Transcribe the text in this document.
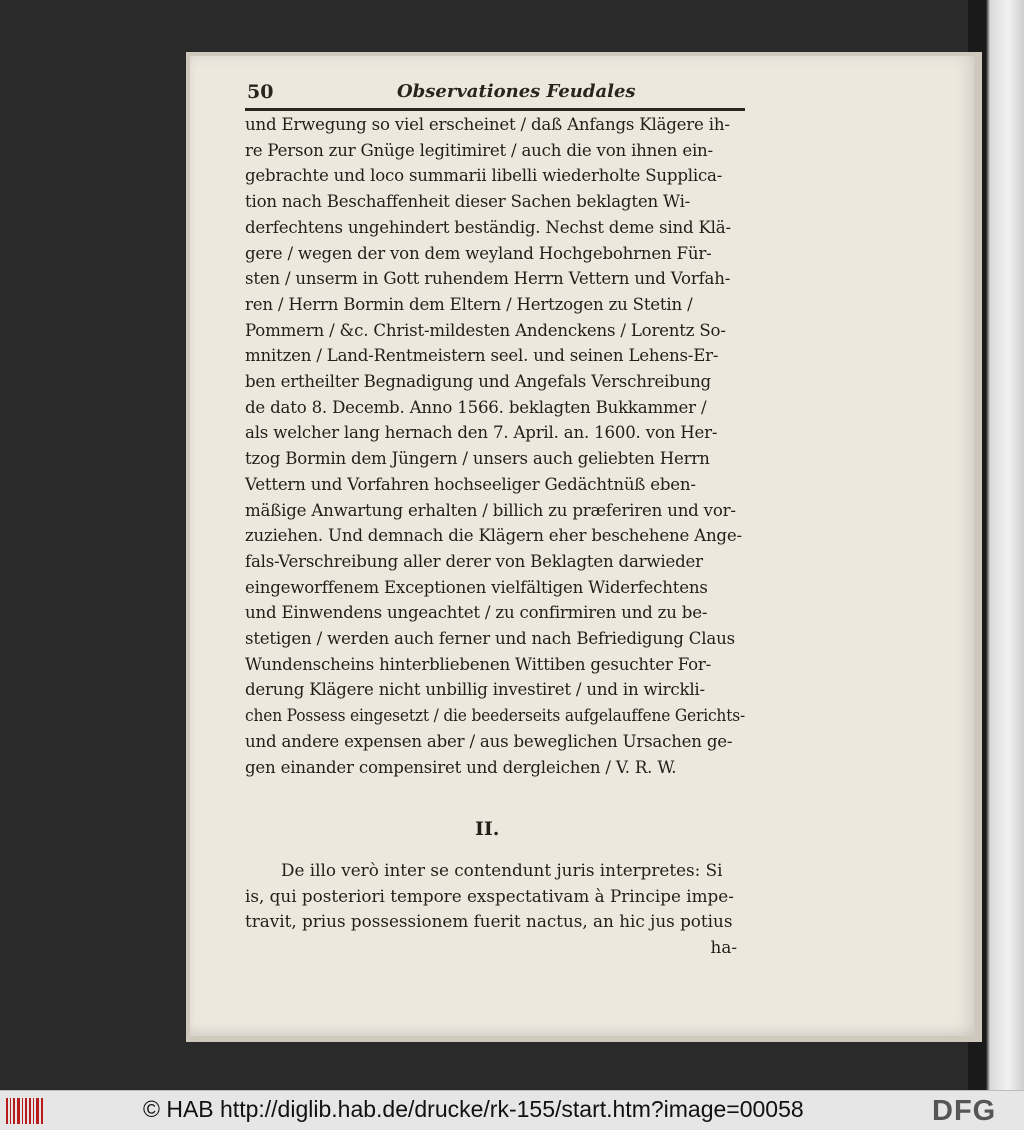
50	Observationes Feudales
und Erwegung so viel erscheinet / daß Anfangs Klägere ih-
re Person zur Gnüge legitimiret / auch die von ihnen ein-
gebrachte und loco summarii libelli wiederholte Supplica-
tion nach Beschaffenheit dieser Sachen beklagten Wi-
derfechtens ungehindert beständig. Nechst deme sind Klä-
gere / wegen der von dem weyland Hochgebohrnen Für-
sten / unserm in Gott ruhendem Herrn Vettern und Vorfah-
ren / Herrn Bormin dem Eltern / Hertzogen zu Stetin /
Pommern / &c. Christ-mildesten Andenckens / Lorentz So-
mnitzen / Land-Rentmeistern seel. und seinen Lehens-Er-
ben ertheilter Begnadigung und Angefals Verschreibung
de dato 8. Decemb. Anno 1566. beklagten Bukkammer /
als welcher lang hernach den 7. April. an. 1600. von Her-
tzog Bormin dem Jüngern / unsers auch geliebten Herrn
Vettern und Vorfahren hochseeliger Gedächtnüß eben-
mäßige Anwartung erhalten / billich zu præferiren und vor-
zuziehen. Und demnach die Klägern eher beschehene Ange-
fals-Verschreibung aller derer von Beklagten darwieder
eingeworffenem Exceptionen vielfältigen Widerfechtens
und Einwendens ungeachtet / zu confirmiren und zu be-
stetigen / werden auch ferner und nach Befriedigung Claus
Wundenscheins hinterbliebenen Wittiben gesuchter For-
derung Klägere nicht unbillig investiret / und in wirckli-
chen Possess eingesetzt / die beederseits aufgelauffene Gerichts-
und andere expensen aber / aus beweglichen Ursachen ge-
gen einander compensiret und dergleichen / V. R. W.
II.
De illo verò inter se contendunt juris interpretes: Si
is, qui posteriori tempore exspectativam à Principe impe-
travit, prius possessionem fuerit nactus, an hic jus potius
ha-
© HAB http://diglib.hab.de/drucke/rk-155/start.htm?image=00058	DFG
